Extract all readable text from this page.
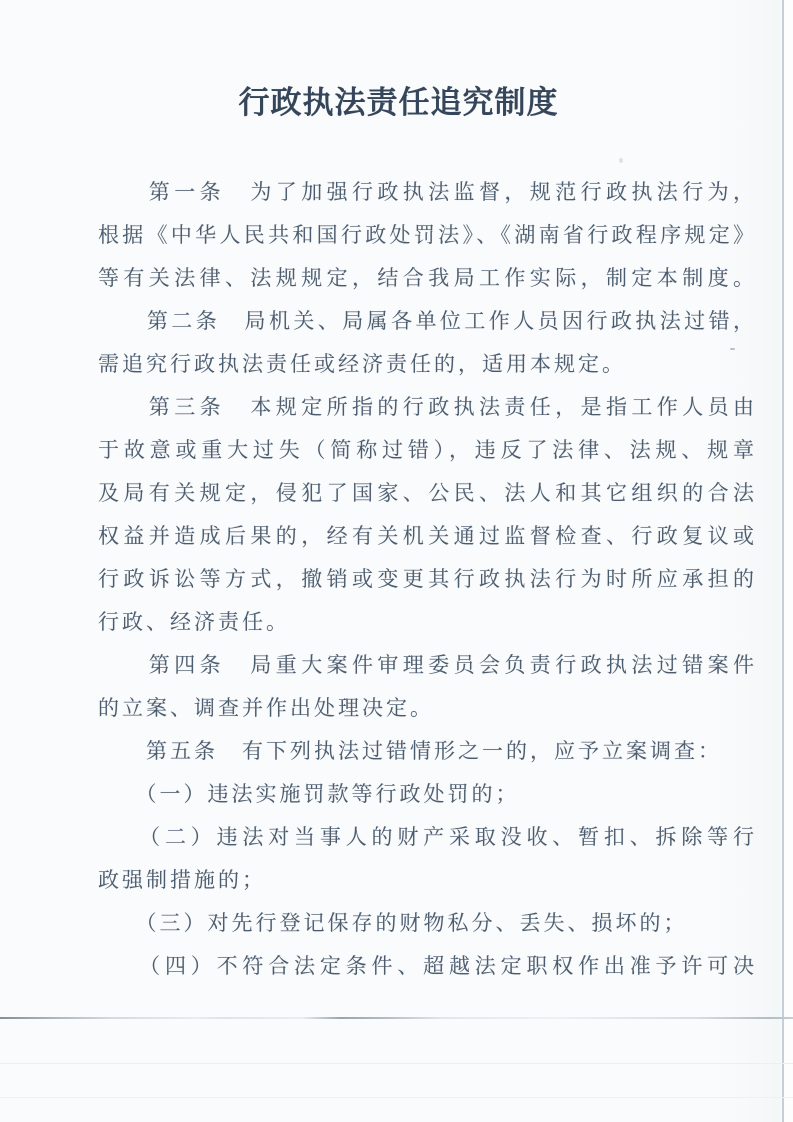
行政执法责任追究制度
　　第一条　为了加强行政执法监督，规范行政执法行为，
根据《中华人民共和国行政处罚法》、《湖南省行政程序规定》
等有关法律、法规规定，结合我局工作实际，制定本制度。
　　第二条　局机关、局属各单位工作人员因行政执法过错，
需追究行政执法责任或经济责任的，适用本规定。
　　第三条　本规定所指的行政执法责任，是指工作人员由
于故意或重大过失（简称过错），违反了法律、法规、规章
及局有关规定，侵犯了国家、公民、法人和其它组织的合法
权益并造成后果的，经有关机关通过监督检查、行政复议或
行政诉讼等方式，撤销或变更其行政执法行为时所应承担的
行政、经济责任。
　　第四条　局重大案件审理委员会负责行政执法过错案件
的立案、调查并作出处理决定。
　　第五条　有下列执法过错情形之一的，应予立案调查：
　　（一）违法实施罚款等行政处罚的；
　　（二）违法对当事人的财产采取没收、暂扣、拆除等行
政强制措施的；
　　（三）对先行登记保存的财物私分、丢失、损坏的；
　　（四）不符合法定条件、超越法定职权作出准予许可决
